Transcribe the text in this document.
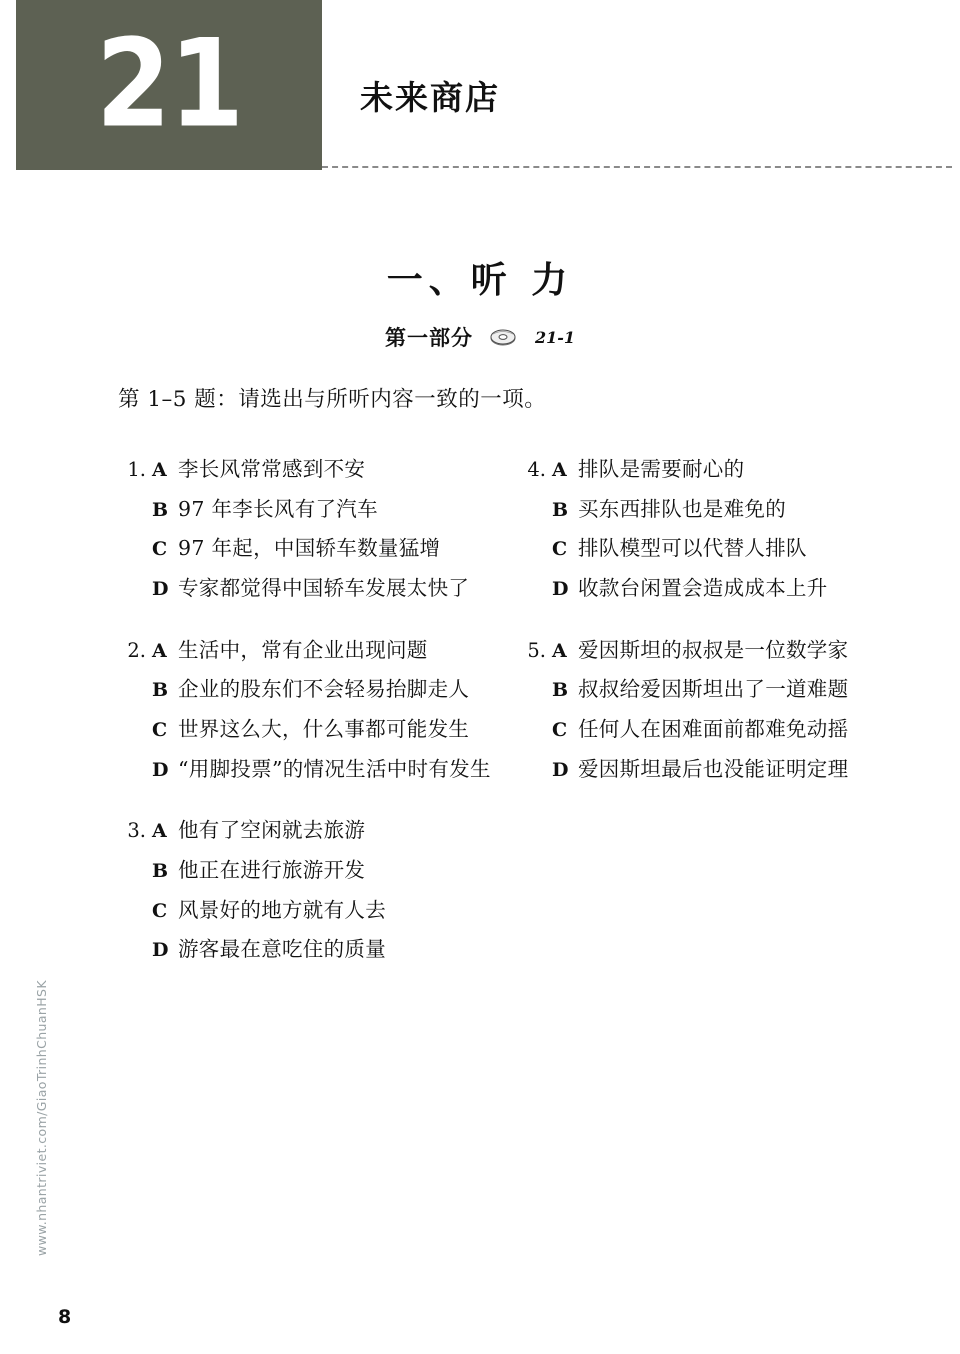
21	未来商店
www.nhantriviet.com/GiaoTrinhChuanHSK
一、听 力
第一部分	21-1
第 1–5 题：请选出与所听内容一致的一项。
1. A 李长风常常感到不安
B 97 年李长风有了汽车
C 97 年起，中国轿车数量猛增
D 专家都觉得中国轿车发展太快了
2. A 生活中，常有企业出现问题
B 企业的股东们不会轻易抬脚走人
C 世界这么大，什么事都可能发生
D “用脚投票”的情况生活中时有发生
3. A 他有了空闲就去旅游
B 他正在进行旅游开发
C 风景好的地方就有人去
D 游客最在意吃住的质量
4. A 排队是需要耐心的
B 买东西排队也是难免的
C 排队模型可以代替人排队
D 收款台闲置会造成成本上升
5. A 爱因斯坦的叔叔是一位数学家
B 叔叔给爱因斯坦出了一道难题
C 任何人在困难面前都难免动摇
D 爱因斯坦最后也没能证明定理
8
